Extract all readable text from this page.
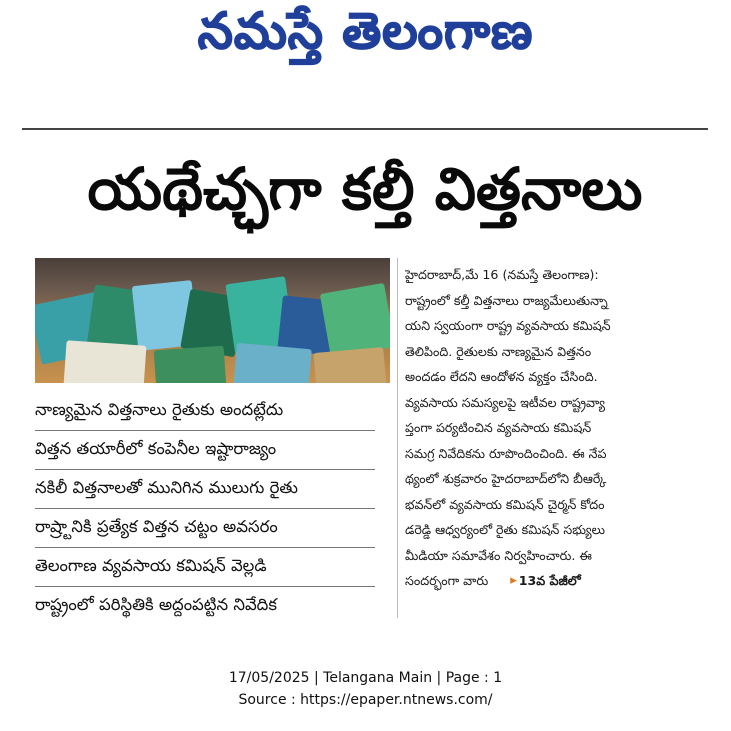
నమస్తే తెలంగాణ
యథేచ్ఛగా కల్తీ విత్తనాలు
నాణ్యమైన విత్తనాలు రైతుకు అందట్లేదు
విత్తన తయారీలో కంపెనీల ఇష్టారాజ్యం
నకిలీ విత్తనాలతో మునిగిన ములుగు రైతు
రాష్ర్టానికి ప్రత్యేక విత్తన చట్టం అవసరం
తెలంగాణ వ్యవసాయ కమిషన్ వెల్లడి
రాష్ట్రంలో పరిస్థితికి అద్దంపట్టిన నివేదిక
హైదరాబాద్,మే 16 (నమస్తే తెలంగాణ):
రాష్ట్రంలో కల్తీ విత్తనాలు రాజ్యమేలుతున్నా
యని స్వయంగా రాష్ట్ర వ్యవసాయ కమిషన్
తెలిపింది. రైతులకు నాణ్యమైన విత్తనం
అందడం లేదని ఆందోళన వ్యక్తం చేసింది.
వ్యవసాయ సమస్యలపై ఇటీవల రాష్ట్రవ్యా
ప్తంగా పర్యటించిన వ్యవసాయ కమిషన్
సమగ్ర నివేదికను రూపొందించింది. ఈ నేప
థ్యంలో శుక్రవారం హైదరాబాద్‌లోని బీఆర్కే
భవన్‌లో వ్యవసాయ కమిషన్ చైర్మన్ కోదం
డరెడ్డి ఆధ్వర్యంలో రైతు కమిషన్ సభ్యులు
మీడియా సమావేశం నిర్వహించారు. ఈ
సందర్భంగా వారు ▸ 13వ పేజీలో
17/05/2025 | Telangana Main | Page : 1
Source : https://epaper.ntnews.com/
